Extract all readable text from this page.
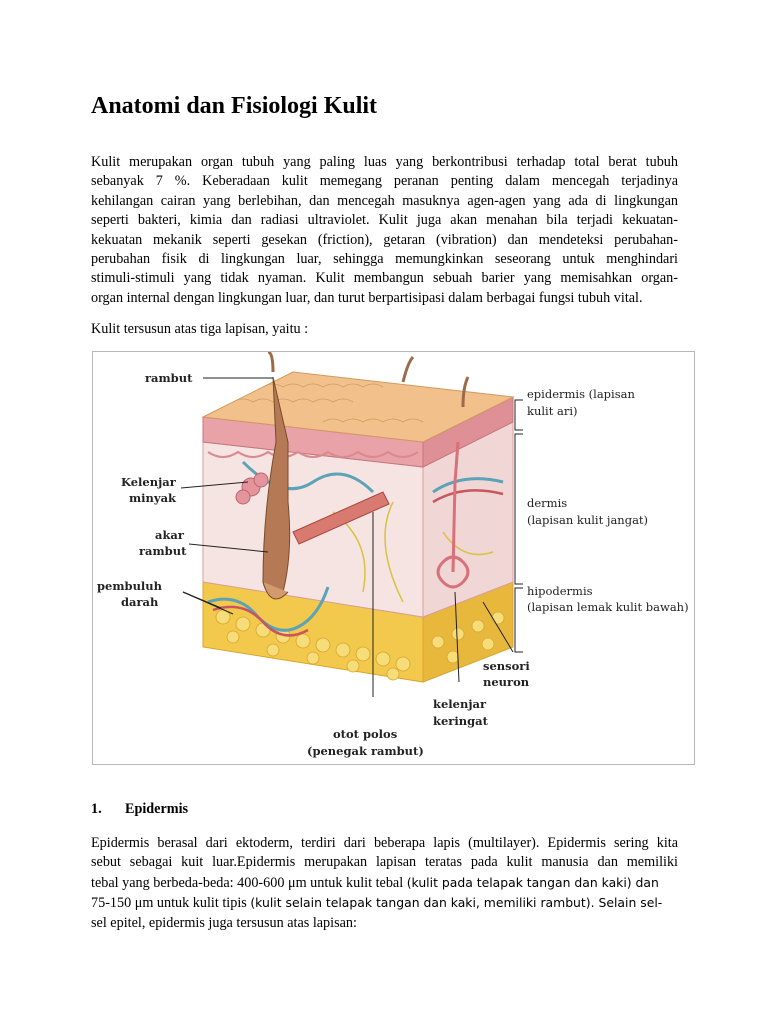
Anatomi dan Fisiologi Kulit
Kulit merupakan organ tubuh yang paling luas yang berkontribusi terhadap total berat tubuh
sebanyak 7 %. Keberadaan kulit memegang peranan penting dalam mencegah terjadinya
kehilangan cairan yang berlebihan, dan mencegah masuknya agen-agen yang ada di lingkungan
seperti bakteri, kimia dan radiasi ultraviolet. Kulit juga akan menahan bila terjadi kekuatan-
kekuatan mekanik seperti gesekan (friction), getaran (vibration) dan mendeteksi perubahan-
perubahan fisik di lingkungan luar, sehingga memungkinkan seseorang untuk menghindari
stimuli-stimuli yang tidak nyaman. Kulit membangun sebuah barier yang memisahkan organ-
organ internal dengan lingkungan luar, dan turut berpartisipasi dalam berbagai fungsi tubuh vital.
Kulit tersusun atas tiga lapisan, yaitu :
rambut
Kelenjar
minyak
akar
rambut
pembuluh
darah
epidermis (lapisan
kulit ari)
dermis
(lapisan kulit jangat)
hipodermis
(lapisan lemak kulit bawah)
sensori
neuron
kelenjar
keringat
otot polos
(penegak rambut)
1. Epidermis
Epidermis berasal dari ektoderm, terdiri dari beberapa lapis (multilayer). Epidermis sering kita
sebut sebagai kuit luar.Epidermis merupakan lapisan teratas pada kulit manusia dan memiliki
tebal yang berbeda-beda: 400-600 μm untuk kulit tebal (kulit pada telapak tangan dan kaki) dan
75-150 μm untuk kulit tipis (kulit selain telapak tangan dan kaki, memiliki rambut). Selain sel-
sel epitel, epidermis juga tersusun atas lapisan:
